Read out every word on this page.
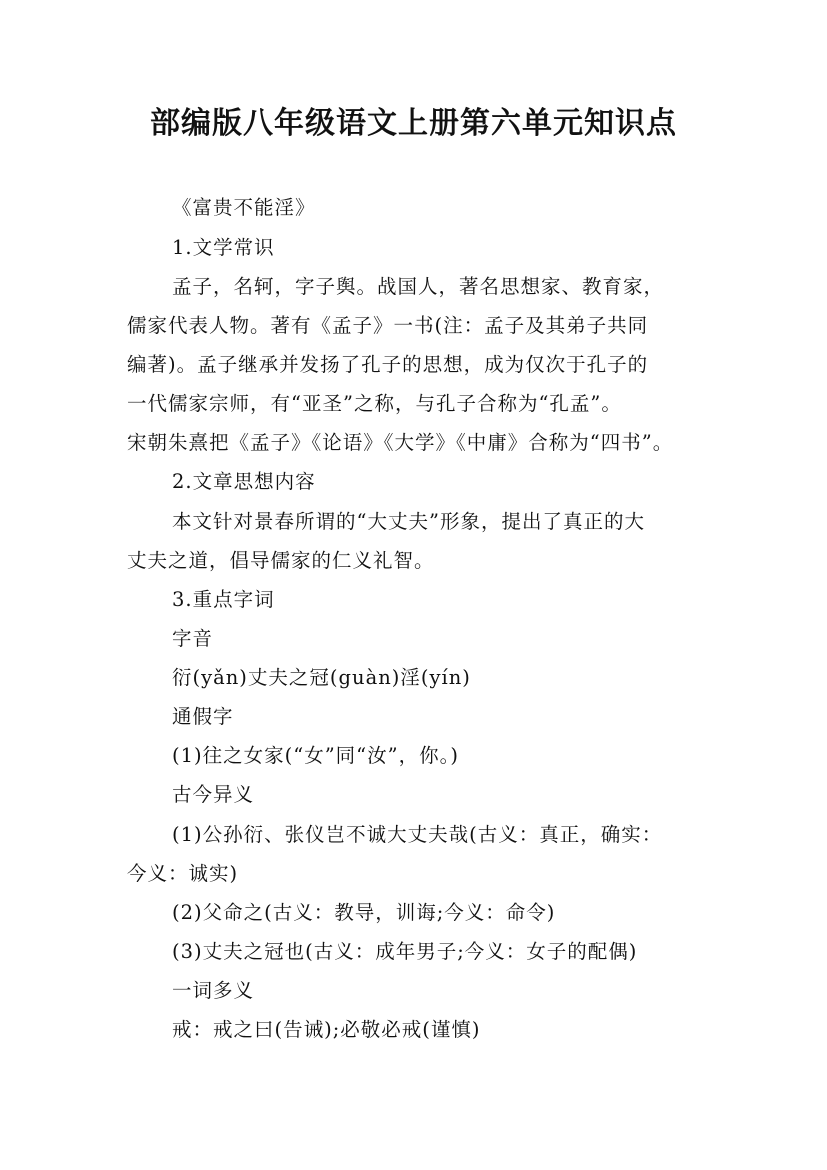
部编版八年级语文上册第六单元知识点
《富贵不能淫》
1.文学常识
孟子，名轲，字子舆。战国人，著名思想家、教育家，
儒家代表人物。著有《孟子》一书(注：孟子及其弟子共同
编著)。孟子继承并发扬了孔子的思想，成为仅次于孔子的
一代儒家宗师，有“亚圣”之称，与孔子合称为“孔孟”。
宋朝朱熹把《孟子》《论语》《大学》《中庸》合称为“四书”。
2.文章思想内容
本文针对景春所谓的“大丈夫”形象，提出了真正的大
丈夫之道，倡导儒家的仁义礼智。
3.重点字词
字音
衍(yǎn)丈夫之冠(guàn)淫(yín)
通假字
(1)往之女家(“女”同“汝”，你。)
古今异义
(1)公孙衍、张仪岂不诚大丈夫哉(古义：真正，确实：
今义：诚实)
(2)父命之(古义：教导，训诲;今义：命令)
(3)丈夫之冠也(古义：成年男子;今义：女子的配偶)
一词多义
戒：戒之曰(告诫);必敬必戒(谨慎)
